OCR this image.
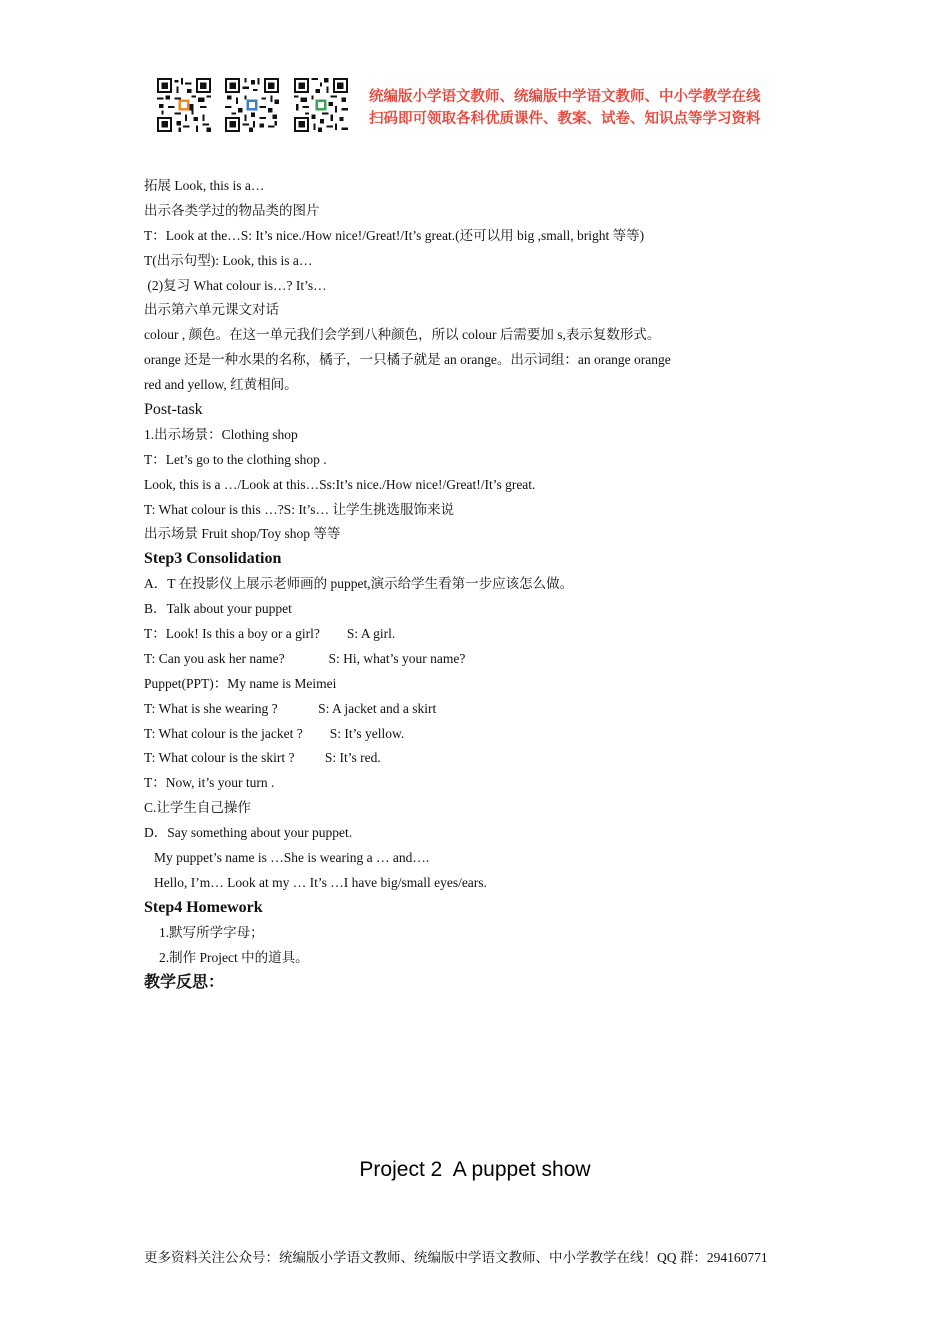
统编版小学语文教师、统编版中学语文教师、中小学教学在线
扫码即可领取各科优质课件、教案、试卷、知识点等学习资料
拓展 Look, this is a…
出示各类学过的物品类的图片
T：Look at the…S: It’s nice./How nice!/Great!/It’s great.(还可以用 big ,small, bright 等等)
T(出示句型): Look, this is a…
(2)复习 What colour is…? It’s…
出示第六单元课文对话
colour , 颜色。在这一单元我们会学到八种颜色，所以 colour 后需要加 s,表示复数形式。
orange 还是一种水果的名称，橘子，一只橘子就是 an orange。出示词组：an orange orange
red and yellow, 红黄相间。
Post-task
1.出示场景：Clothing shop
T：Let’s go to the clothing shop .
Look, this is a …/Look at this…Ss:It’s nice./How nice!/Great!/It’s great.
T: What colour is this …?S: It’s… 让学生挑选服饰来说
出示场景 Fruit shop/Toy shop 等等
Step3 Consolidation
A．T 在投影仪上展示老师画的 puppet,演示给学生看第一步应该怎么做。
B．Talk about your puppet
T：Look! Is this a boy or a girl?        S: A girl.
T: Can you ask her name?             S: Hi, what’s your name?
Puppet(PPT)：My name is Meimei
T: What is she wearing ?            S: A jacket and a skirt
T: What colour is the jacket ?        S: It’s yellow.
T: What colour is the skirt ?         S: It’s red.
T：Now, it’s your turn .
C.让学生自己操作
D．Say something about your puppet.
My puppet’s name is …She is wearing a … and….
Hello, I’m… Look at my … It’s …I have big/small eyes/ears.
Step4 Homework
1.默写所学字母；
2.制作 Project 中的道具。
教学反思：
Project 2  A puppet show
更多资料关注公众号：统编版小学语文教师、统编版中学语文教师、中小学教学在线！QQ 群：294160771
